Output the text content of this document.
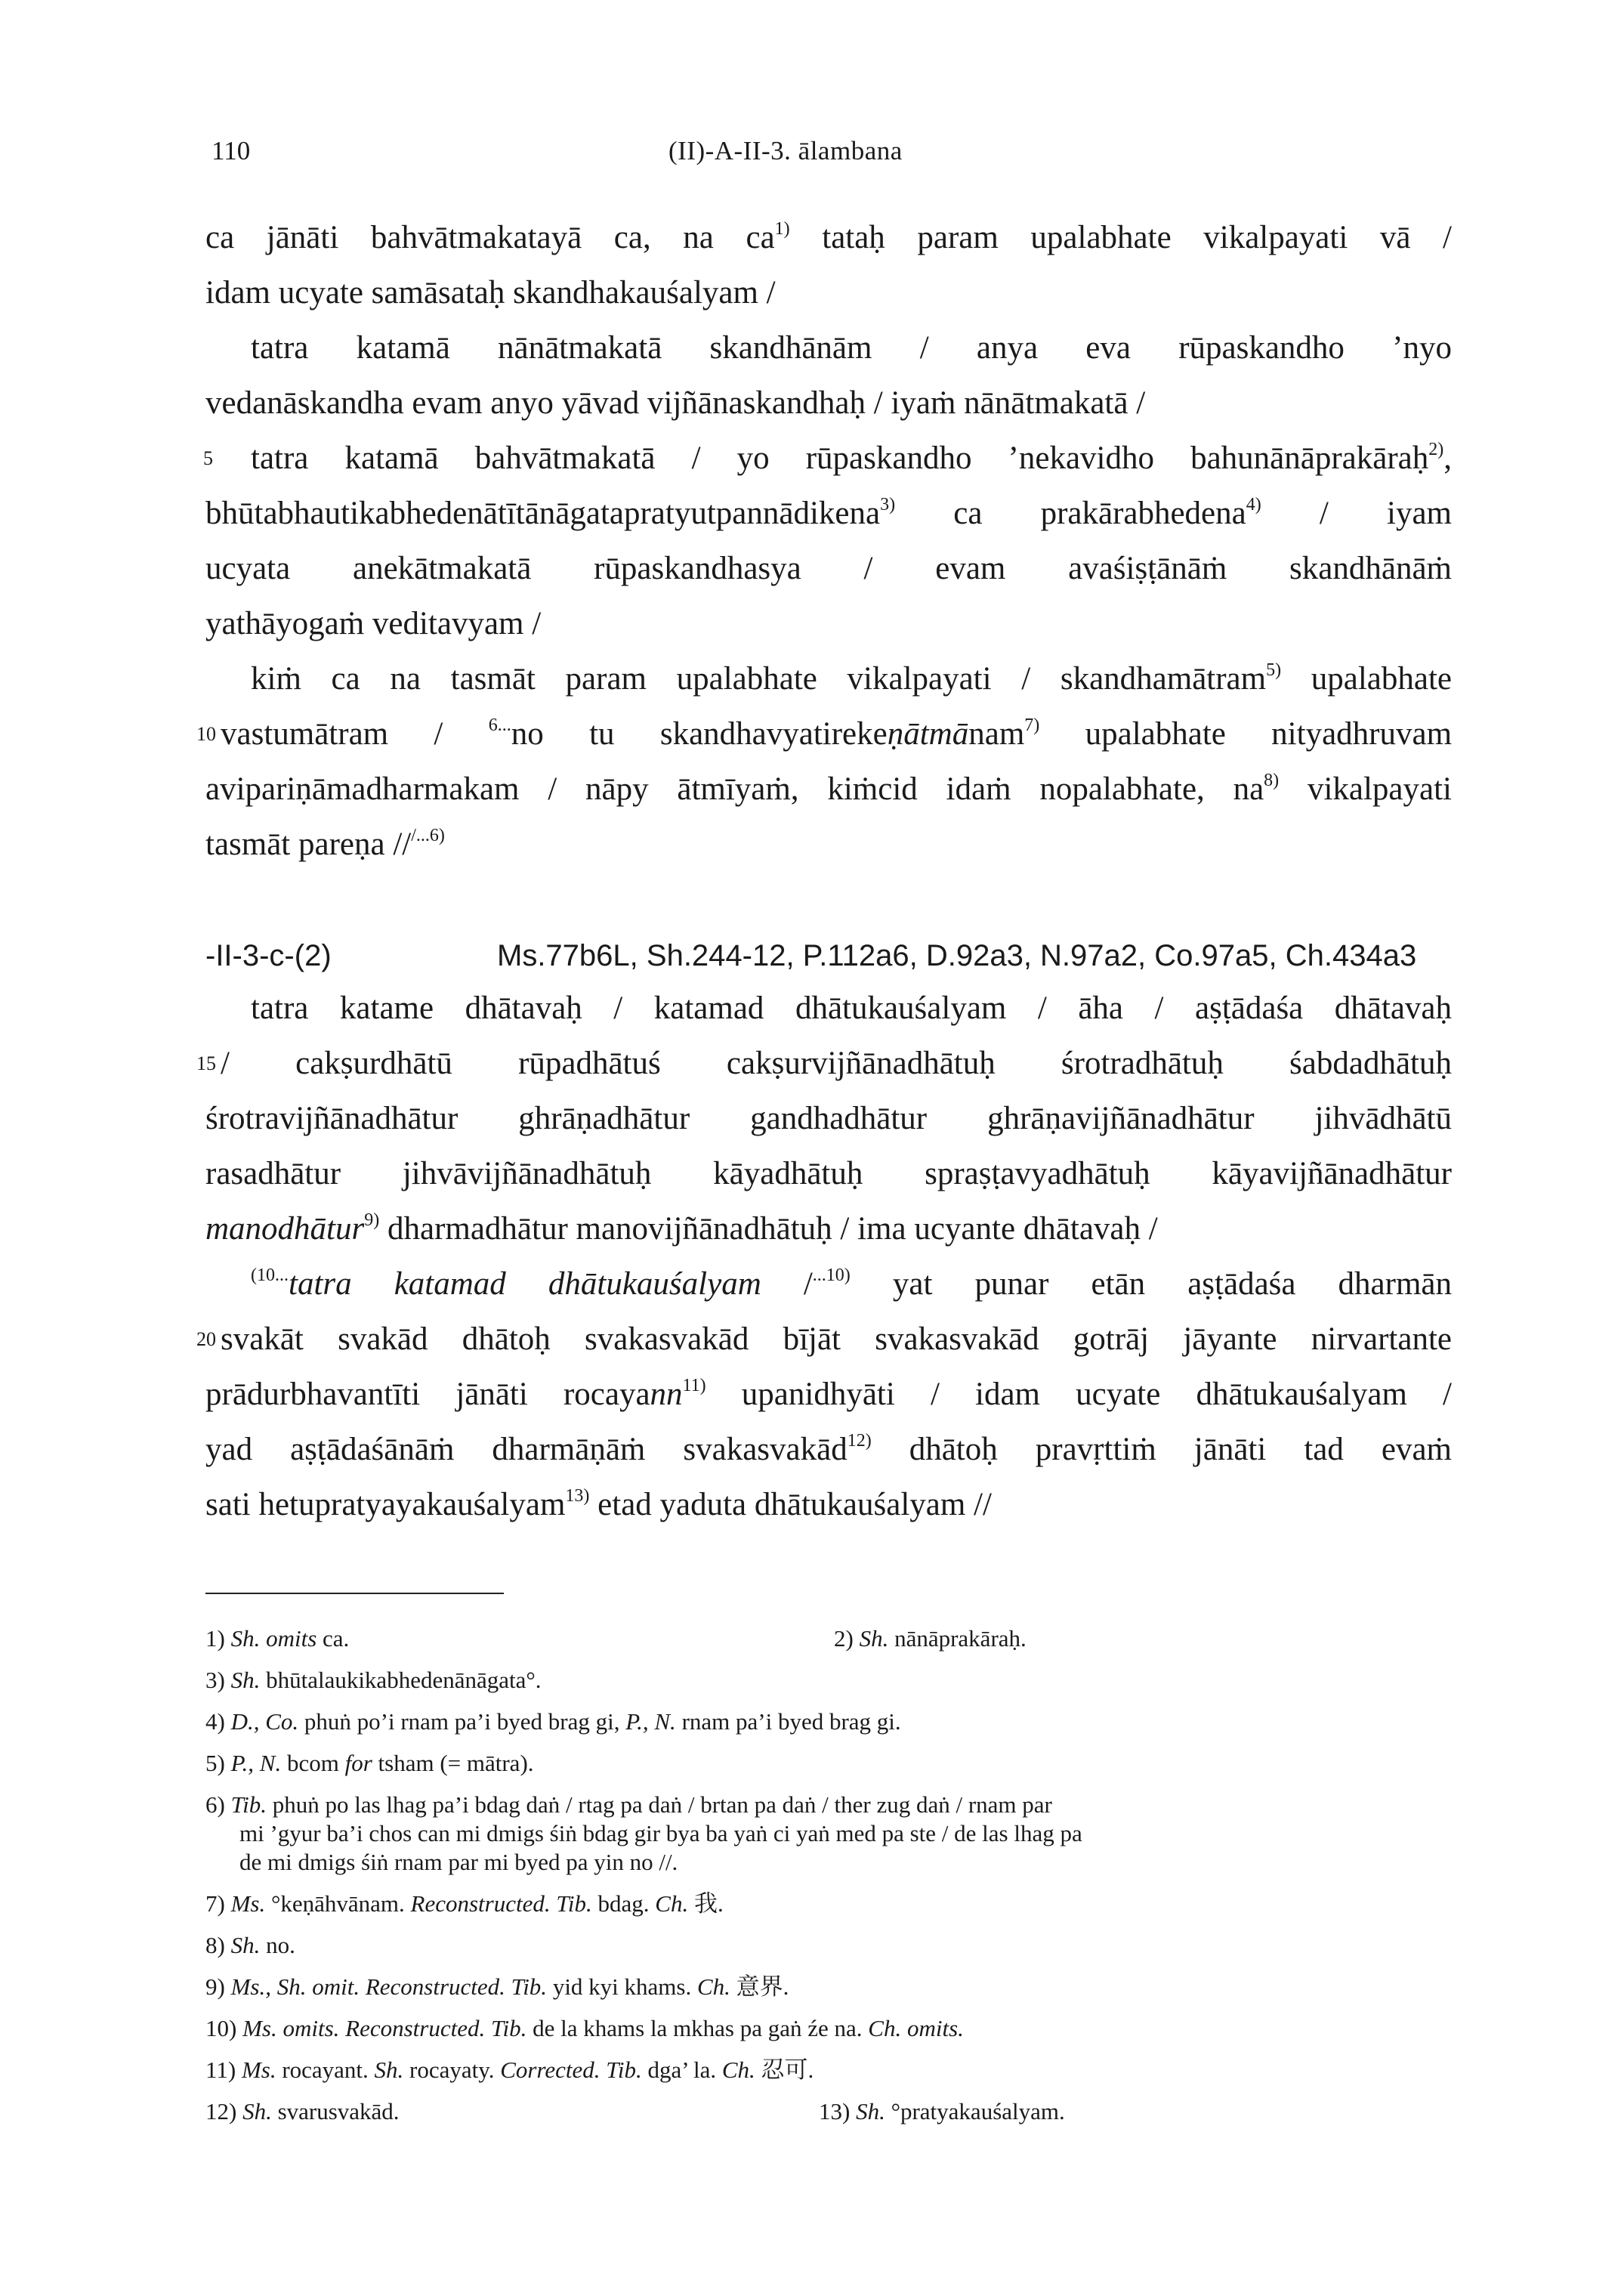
110	(II)-A-II-3. ālambana
ca jānāti bahvātmakatayā ca, na $ca^{1)}$ tataḥ param upalabhate vikalpayati vā /
idam ucyate samāsataḥ skandhakauśalyam /
tatra katamā nānātmakatā skandhānām / anya eva rūpaskandho ’nyo
vedanāskandha evam anyo yāvad vijñānaskandhaḥ / iyaṁ nānātmakatā /
5 tatra katamā bahvātmakatā / yo rūpaskandho ’nekavidho bahunānāprakāraḥ$^{2)}$,
bhūtabhautikabhedenātītānāgatapratyutpannādikena$^{3)}$ ca prakārabhedena$^{4)}$ / iyam
ucyata anekātmakatā rūpaskandhasya / evam avaśiṣṭānāṁ skandhānāṁ
yathāyogaṁ veditavyam /
kiṁ ca na tasmāt param upalabhate vikalpayati / skandhamātram$^{5)}$ upalabhate
10 vastumātram /	$^{6...}$no tu skandhavyatirekeṇātmānam$^{7)}$ upalabhate nityadhruvam
avipariṇāmadharmakam / nāpy ātmīyaṁ, kiṁcid idaṁ nopalabhate, $na^{8)}$ vikalpayati
tasmāt pareṇa //$^{/...6)}$
-II-3-c-(2)	Ms.77b6L, Sh.244-12, P.112a6, D.92a3, N.97a2, Co.97a5, Ch.434a3
tatra katame dhātavaḥ / katamad dhātukauśalyam / āha / aṣṭādaśa dhātavaḥ
15 / cakṣurdhātū rūpadhātuś cakṣurvijñānadhātuḥ śrotradhātuḥ śabdadhātuḥ
śrotravijñānadhātur ghrāṇadhātur gandhadhātur ghrāṇavijñānadhātur jihvādhātū
rasadhātur jihvāvijñānadhātuḥ kāyadhātuḥ spraṣṭavyadhātuḥ kāyavijñānadhātur
manodhātur$^{9)}$ dharmadhātur manovijñānadhātuḥ / ima ucyante dhātavaḥ /
$^{(10...}$tatra katamad dhātukauśalyam /$^{...10)}$ yat punar etān aṣṭādaśa dharmān
20 svakāt svakād dhātoḥ svakasvakād bījāt svakasvakād gotrāj jāyante nirvartante
prādurbhavantīti jānāti rocayann$^{11)}$ upanidhyāti / idam ucyate dhātukauśalyam /
yad aṣṭādaśānāṁ dharmāṇāṁ svakasvakād$^{12)}$ dhātoḥ pravṛttiṁ jānāti tad evaṁ
sati hetupratyayakauśalyam$^{13)}$ etad yaduta dhātukauśalyam //
1) Sh. omits ca.	2) Sh. nānāprakāraḥ.
3) Sh. bhūtalaukikabhedenānāgata°.
4) D., Co. phuṅ po’i rnam pa’i byed brag gi, P., N. rnam pa’i byed brag gi.
5) P., N. bcom for tsham (= mātra).
6) Tib. phuṅ po las lhag pa’i bdag daṅ / rtag pa daṅ / brtan pa daṅ / ther zug daṅ / rnam par
mi ’gyur ba’i chos can mi dmigs śiṅ bdag gir bya ba yaṅ ci yaṅ med pa ste / de las lhag pa
de mi dmigs śiṅ rnam par mi byed pa yin no //.
7) Ms. °keṇāhvānam. Reconstructed. Tib. bdag. Ch. 我.
8) Sh. no.
9) Ms., Sh. omit. Reconstructed. Tib. yid kyi khams. Ch. 意界.
10) Ms. omits. Reconstructed. Tib. de la khams la mkhas pa gaṅ źe na. Ch. omits.
11) Ms. rocayant. Sh. rocayaty. Corrected. Tib. dga’ la. Ch. 忍可.
12) Sh. svarusvakād.	13) Sh. °pratyakauśalyam.
